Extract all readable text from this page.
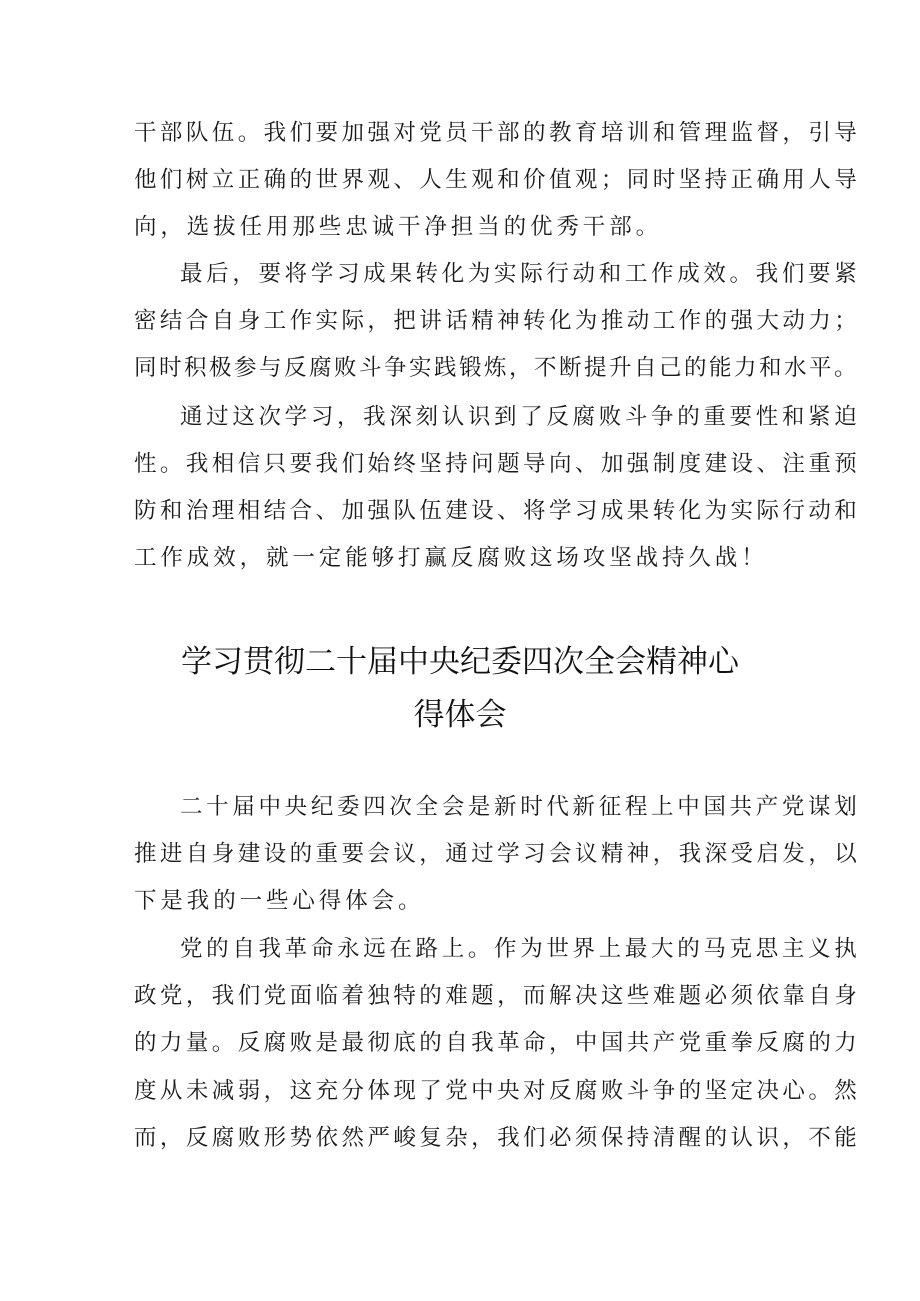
干部队伍。我们要加强对党员干部的教育培训和管理监督，引导
他们树立正确的世界观、人生观和价值观；同时坚持正确用人导
向，选拔任用那些忠诚干净担当的优秀干部。
最后，要将学习成果转化为实际行动和工作成效。我们要紧
密结合自身工作实际，把讲话精神转化为推动工作的强大动力；
同时积极参与反腐败斗争实践锻炼，不断提升自己的能力和水平。
通过这次学习，我深刻认识到了反腐败斗争的重要性和紧迫
性。我相信只要我们始终坚持问题导向、加强制度建设、注重预
防和治理相结合、加强队伍建设、将学习成果转化为实际行动和
工作成效，就一定能够打赢反腐败这场攻坚战持久战！
学习贯彻二十届中央纪委四次全会精神心
得体会
二十届中央纪委四次全会是新时代新征程上中国共产党谋划
推进自身建设的重要会议，通过学习会议精神，我深受启发，以
下是我的一些心得体会。
党的自我革命永远在路上。作为世界上最大的马克思主义执
政党，我们党面临着独特的难题，而解决这些难题必须依靠自身
的力量。反腐败是最彻底的自我革命，中国共产党重拳反腐的力
度从未减弱，这充分体现了党中央对反腐败斗争的坚定决心。然
而，反腐败形势依然严峻复杂，我们必须保持清醒的认识，不能
